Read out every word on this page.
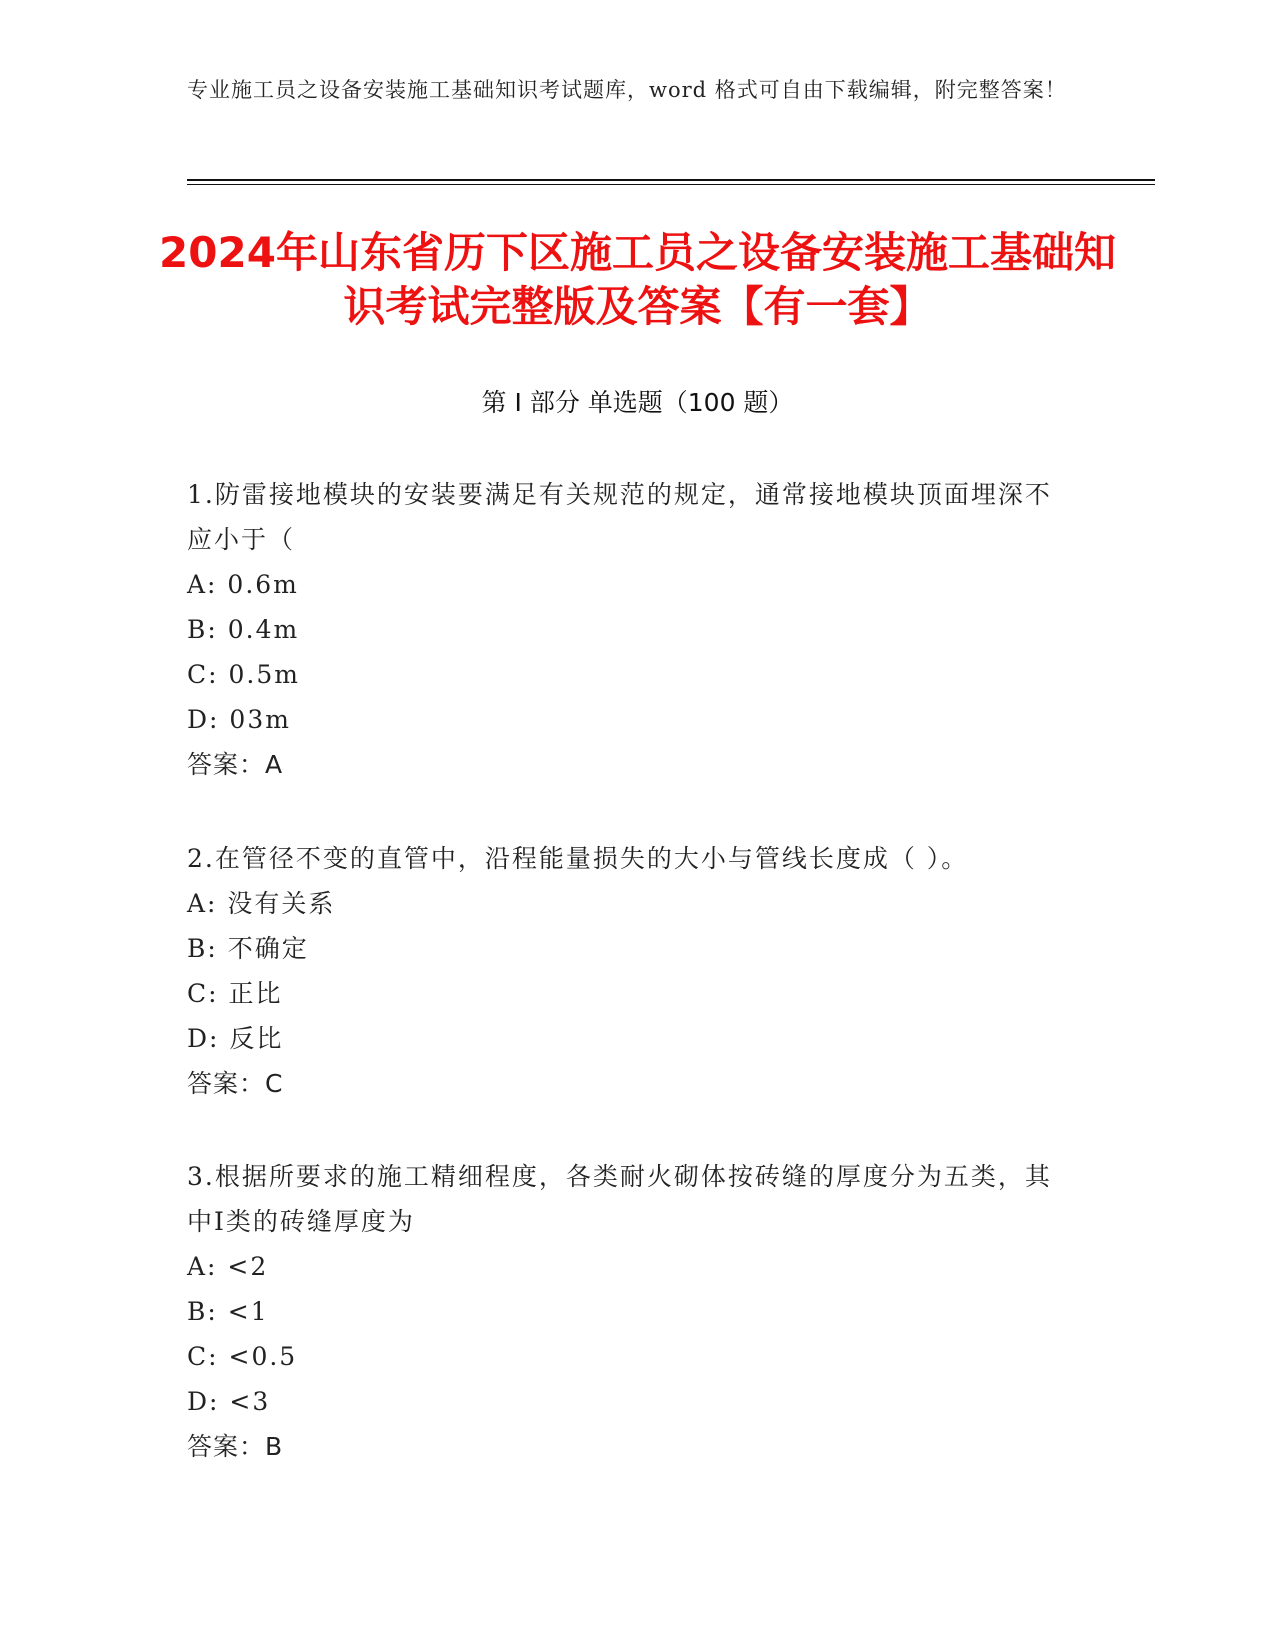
专业施工员之设备安装施工基础知识考试题库，word 格式可自由下载编辑，附完整答案！
2024年山东省历下区施工员之设备安装施工基础知识考试完整版及答案【有一套】
第 I 部分 单选题（100 题）
1.防雷接地模块的安装要满足有关规范的规定，通常接地模块顶面埋深不应小于（
A: 0.6m
B: 0.4m
C: 0.5m
D: 03m
答案：A
2.在管径不变的直管中，沿程能量损失的大小与管线长度成（ ）。
A: 没有关系
B: 不确定
C: 正比
D: 反比
答案：C
3.根据所要求的施工精细程度，各类耐火砌体按砖缝的厚度分为五类，其中Ⅰ类的砖缝厚度为
A: <2
B: <1
C: <0.5
D: <3
答案：B
